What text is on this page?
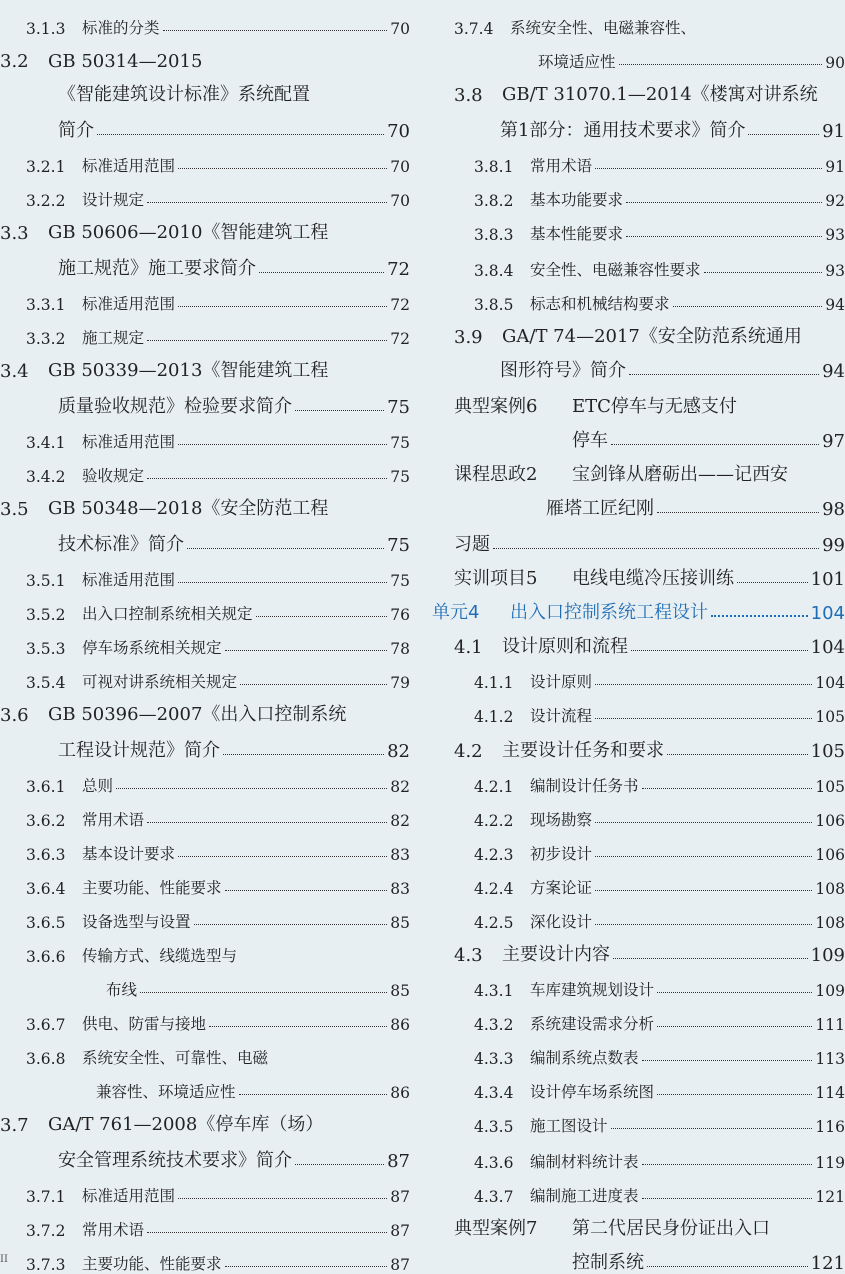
3.1.3	标准的分类	70
3.2	GB 50314—2015
《智能建筑设计标准》系统配置
简介	70
3.2.1	标准适用范围	70
3.2.2	设计规定	70
3.3	GB 50606—2010《智能建筑工程
施工规范》施工要求简介	72
3.3.1	标准适用范围	72
3.3.2	施工规定	72
3.4	GB 50339—2013《智能建筑工程
质量验收规范》检验要求简介	75
3.4.1	标准适用范围	75
3.4.2	验收规定	75
3.5	GB 50348—2018《安全防范工程
技术标准》简介	75
3.5.1	标准适用范围	75
3.5.2	出入口控制系统相关规定	76
3.5.3	停车场系统相关规定	78
3.5.4	可视对讲系统相关规定	79
3.6	GB 50396—2007《出入口控制系统
工程设计规范》简介	82
3.6.1	总则	82
3.6.2	常用术语	82
3.6.3	基本设计要求	83
3.6.4	主要功能、性能要求	83
3.6.5	设备选型与设置	85
3.6.6	传输方式、线缆选型与
布线	85
3.6.7	供电、防雷与接地	86
3.6.8	系统安全性、可靠性、电磁
兼容性、环境适应性	86
3.7	GA/T 761—2008《停车库（场）
安全管理系统技术要求》简介	87
3.7.1	标准适用范围	87
3.7.2	常用术语	87
3.7.3	主要功能、性能要求	87
3.7.4	系统安全性、电磁兼容性、
环境适应性	90
3.8	GB/T 31070.1—2014《楼寓对讲系统
第1部分：通用技术要求》简介	91
3.8.1	常用术语	91
3.8.2	基本功能要求	92
3.8.3	基本性能要求	93
3.8.4	安全性、电磁兼容性要求	93
3.8.5	标志和机械结构要求	94
3.9	GA/T 74—2017《安全防范系统通用
图形符号》简介	94
典型案例6	ETC停车与无感支付
停车	97
课程思政2	宝剑锋从磨砺出——记西安
雁塔工匠纪刚	98
习题	99
实训项目5	电线电缆冷压接训练	101
单元4	出入口控制系统工程设计	104
4.1	设计原则和流程	104
4.1.1	设计原则	104
4.1.2	设计流程	105
4.2	主要设计任务和要求	105
4.2.1	编制设计任务书	105
4.2.2	现场勘察	106
4.2.3	初步设计	106
4.2.4	方案论证	108
4.2.5	深化设计	108
4.3	主要设计内容	109
4.3.1	车库建筑规划设计	109
4.3.2	系统建设需求分析	111
4.3.3	编制系统点数表	113
4.3.4	设计停车场系统图	114
4.3.5	施工图设计	116
4.3.6	编制材料统计表	119
4.3.7	编制施工进度表	121
典型案例7	第二代居民身份证出入口
控制系统	121
II
